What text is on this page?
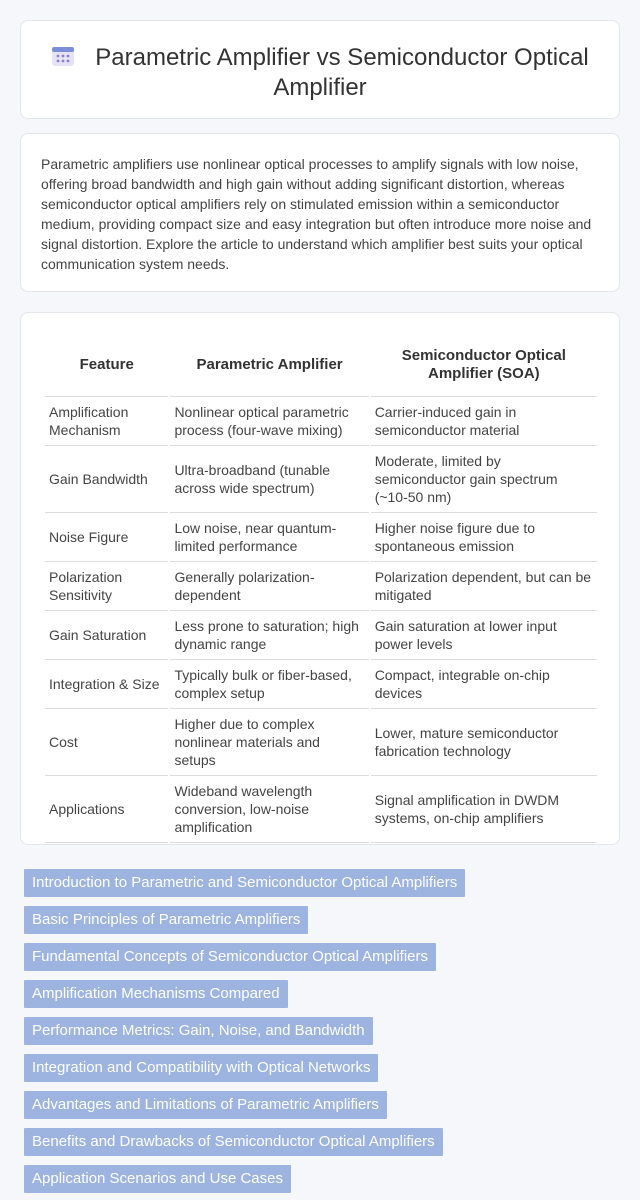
Parametric Amplifier vs Semiconductor Optical Amplifier

Parametric amplifiers use nonlinear optical processes to amplify signals with low noise, offering broad bandwidth and high gain without adding significant distortion, whereas semiconductor optical amplifiers rely on stimulated emission within a semiconductor medium, providing compact size and easy integration but often introduce more noise and signal distortion. Explore the article to understand which amplifier best suits your optical communication system needs.

Feature	Parametric Amplifier	Semiconductor Optical Amplifier (SOA)
Amplification Mechanism	Nonlinear optical parametric process (four-wave mixing)	Carrier-induced gain in semiconductor material
Gain Bandwidth	Ultra-broadband (tunable across wide spectrum)	Moderate, limited by semiconductor gain spectrum (~10-50 nm)
Noise Figure	Low noise, near quantum-limited performance	Higher noise figure due to spontaneous emission
Polarization Sensitivity	Generally polarization-dependent	Polarization dependent, but can be mitigated
Gain Saturation	Less prone to saturation; high dynamic range	Gain saturation at lower input power levels
Integration & Size	Typically bulk or fiber-based, complex setup	Compact, integrable on-chip devices
Cost	Higher due to complex nonlinear materials and setups	Lower, mature semiconductor fabrication technology
Applications	Wideband wavelength conversion, low-noise amplification	Signal amplification in DWDM systems, on-chip amplifiers
Introduction to Parametric and Semiconductor Optical Amplifiers
Basic Principles of Parametric Amplifiers
Fundamental Concepts of Semiconductor Optical Amplifiers
Amplification Mechanisms Compared
Performance Metrics: Gain, Noise, and Bandwidth
Integration and Compatibility with Optical Networks
Advantages and Limitations of Parametric Amplifiers
Benefits and Drawbacks of Semiconductor Optical Amplifiers
Application Scenarios and Use Cases
